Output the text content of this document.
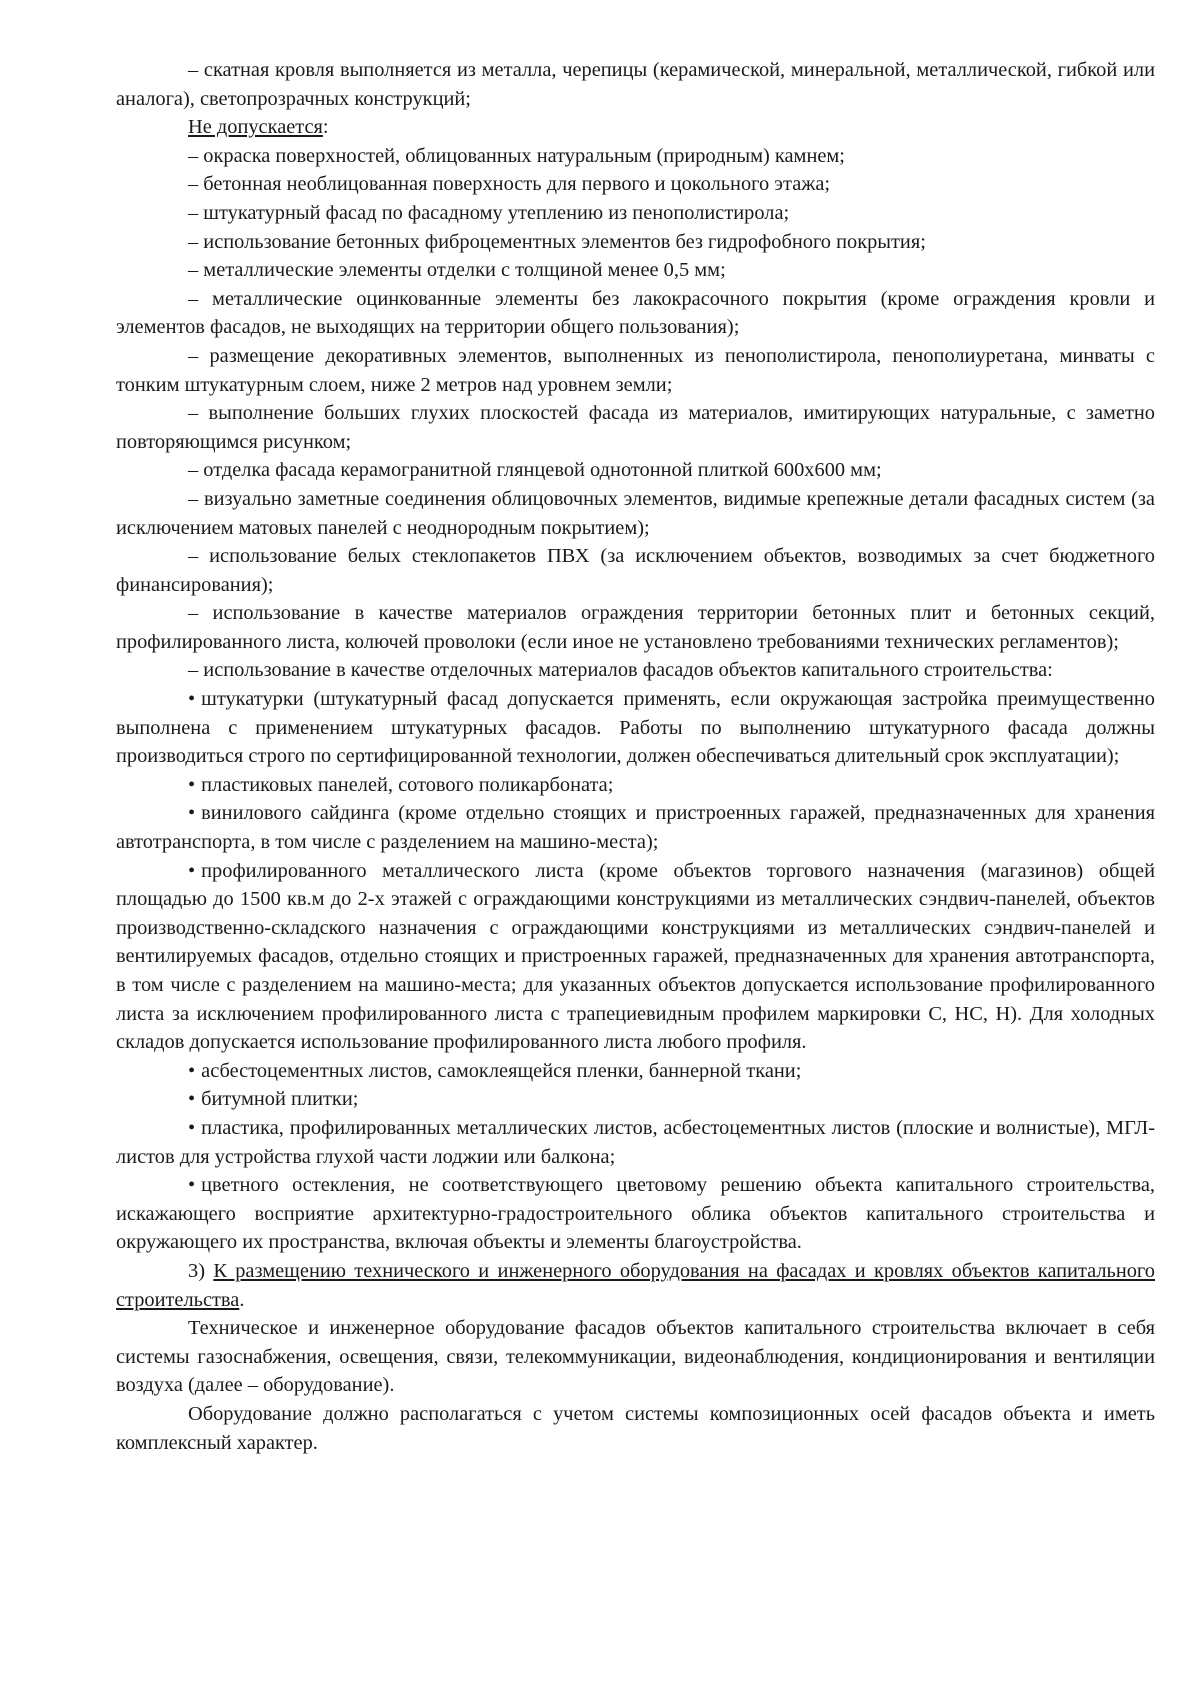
– скатная кровля выполняется из металла, черепицы (керамической, минеральной, металлической, гибкой или аналога), светопрозрачных конструкций;

Не допускается:

– окраска поверхностей, облицованных натуральным (природным) камнем;

– бетонная необлицованная поверхность для первого и цокольного этажа;

– штукатурный фасад по фасадному утеплению из пенополистирола;

– использование бетонных фиброцементных элементов без гидрофобного покрытия;

– металлические элементы отделки с толщиной менее 0,5 мм;

– металлические оцинкованные элементы без лакокрасочного покрытия (кроме ограждения кровли и элементов фасадов, не выходящих на территории общего пользования);

– размещение декоративных элементов, выполненных из пенополистирола, пенополиуретана, минваты с тонким штукатурным слоем, ниже 2 метров над уровнем земли;

– выполнение больших глухих плоскостей фасада из материалов, имитирующих натуральные, с заметно повторяющимся рисунком;

– отделка фасада керамогранитной глянцевой однотонной плиткой 600х600 мм;

– визуально заметные соединения облицовочных элементов, видимые крепежные детали фасадных систем (за исключением матовых панелей с неоднородным покрытием);

– использование белых стеклопакетов ПВХ (за исключением объектов, возводимых за счет бюджетного финансирования);

– использование в качестве материалов ограждения территории бетонных плит и бетонных секций, профилированного листа, колючей проволоки (если иное не установлено требованиями технических регламентов);

– использование в качестве отделочных материалов фасадов объектов капитального строительства:

• штукатурки (штукатурный фасад допускается применять, если окружающая застройка преимущественно выполнена с применением штукатурных фасадов. Работы по выполнению штукатурного фасада должны производиться строго по сертифицированной технологии, должен обеспечиваться длительный срок эксплуатации);

• пластиковых панелей, сотового поликарбоната;

• винилового сайдинга (кроме отдельно стоящих и пристроенных гаражей, предназначенных для хранения автотранспорта, в том числе с разделением на машино-места);

• профилированного металлического листа (кроме объектов торгового назначения (магазинов) общей площадью до 1500 кв.м до 2-х этажей с ограждающими конструкциями из металлических сэндвич-панелей, объектов производственно-складского назначения с ограждающими конструкциями из металлических сэндвич-панелей и вентилируемых фасадов, отдельно стоящих и пристроенных гаражей, предназначенных для хранения автотранспорта, в том числе с разделением на машино-места; для указанных объектов допускается использование профилированного листа за исключением профилированного листа с трапециевидным профилем маркировки С, НС, Н). Для холодных складов допускается использование профилированного листа любого профиля.

• асбестоцементных листов, самоклеящейся пленки, баннерной ткани;

• битумной плитки;

• пластика, профилированных металлических листов, асбестоцементных листов (плоские и волнистые), МГЛ-листов для устройства глухой части лоджии или балкона;

• цветного остекления, не соответствующего цветовому решению объекта капитального строительства, искажающего восприятие архитектурно-градостроительного облика объектов капитального строительства и окружающего их пространства, включая объекты и элементы благоустройства.

3) К размещению технического и инженерного оборудования на фасадах и кровлях объектов капитального строительства.

Техническое и инженерное оборудование фасадов объектов капитального строительства включает в себя системы газоснабжения, освещения, связи, телекоммуникации, видеонаблюдения, кондиционирования и вентиляции воздуха (далее – оборудование).

Оборудование должно располагаться с учетом системы композиционных осей фасадов объекта и иметь комплексный характер.
